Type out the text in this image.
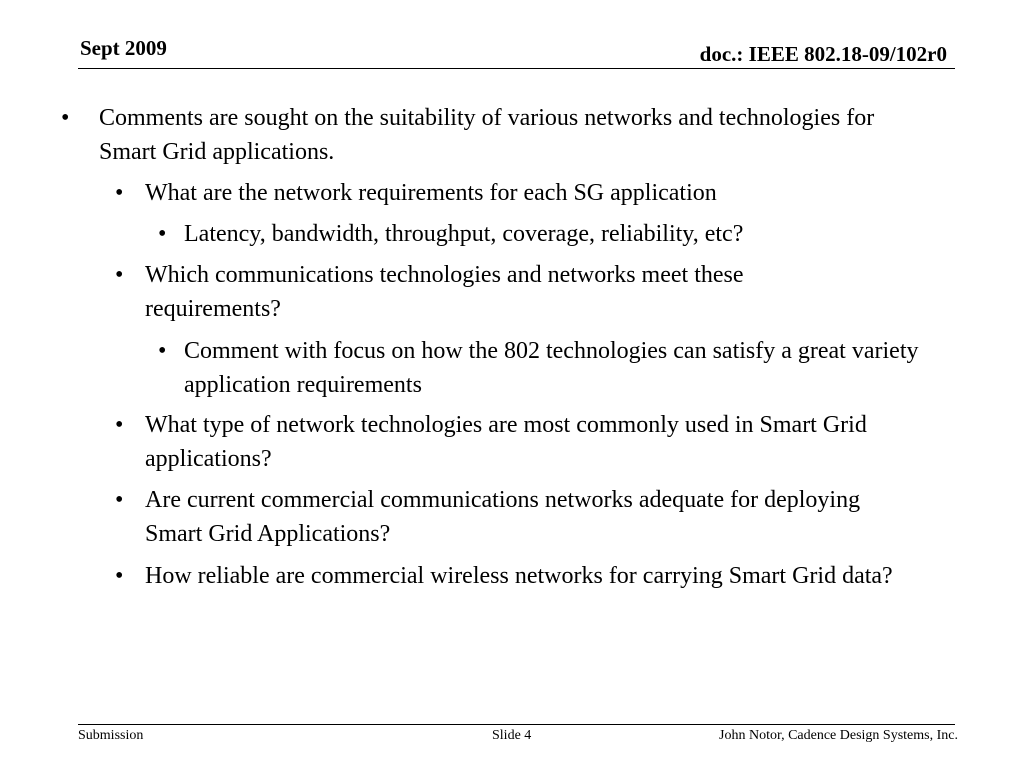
Sept 2009	doc.: IEEE 802.18-09/102r0
• Comments are sought on the suitability of various networks and technologies for Smart Grid applications.
• What are the network requirements for each SG application
• Latency, bandwidth, throughput, coverage, reliability, etc?
• Which communications technologies and networks meet these requirements?
• Comment with focus on how the 802 technologies can satisfy a great variety application requirements
• What type of network technologies are most commonly used in Smart Grid applications?
• Are current commercial communications networks adequate for deploying Smart Grid Applications?
• How reliable are commercial wireless networks for carrying Smart Grid data?
Submission	Slide 4	John Notor, Cadence Design Systems, Inc.
